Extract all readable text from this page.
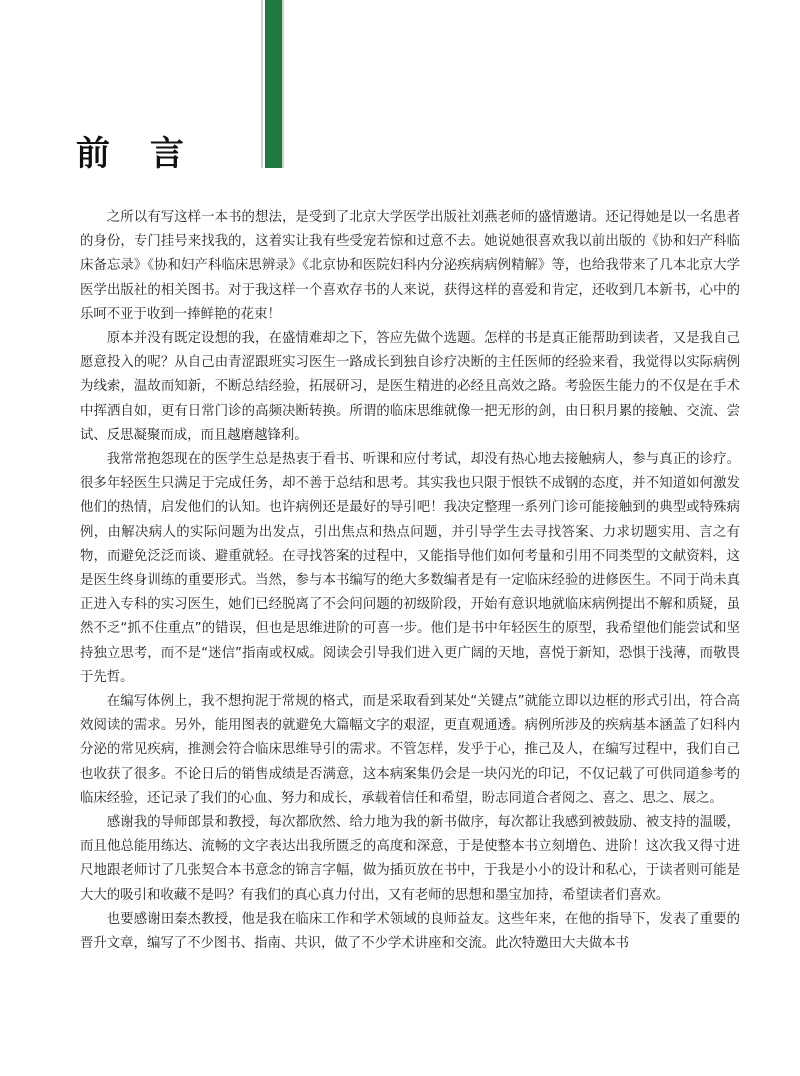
前 言

之所以有写这样一本书的想法，是受到了北京大学医学出版社刘燕老师的盛情邀请。还记得她是以一名患者的身份，专门挂号来找我的，这着实让我有些受宠若惊和过意不去。她说她很喜欢我以前出版的《协和妇产科临床备忘录》《协和妇产科临床思辨录》《北京协和医院妇科内分泌疾病病例精解》等，也给我带来了几本北京大学医学出版社的相关图书。对于我这样一个喜欢存书的人来说，获得这样的喜爱和肯定，还收到几本新书，心中的乐呵不亚于收到一捧鲜艳的花束！

原本并没有既定设想的我，在盛情难却之下，答应先做个选题。怎样的书是真正能帮助到读者，又是我自己愿意投入的呢？从自己由青涩跟班实习医生一路成长到独自诊疗决断的主任医师的经验来看，我觉得以实际病例为线索，温故而知新，不断总结经验，拓展研习，是医生精进的必经且高效之路。考验医生能力的不仅是在手术中挥洒自如，更有日常门诊的高频决断转换。所谓的临床思维就像一把无形的剑，由日积月累的接触、交流、尝试、反思凝聚而成，而且越磨越锋利。

我常常抱怨现在的医学生总是热衷于看书、听课和应付考试，却没有热心地去接触病人，参与真正的诊疗。很多年轻医生只满足于完成任务，却不善于总结和思考。其实我也只限于恨铁不成钢的态度，并不知道如何激发他们的热情，启发他们的认知。也许病例还是最好的导引吧！我决定整理一系列门诊可能接触到的典型或特殊病例，由解决病人的实际问题为出发点，引出焦点和热点问题，并引导学生去寻找答案、力求切题实用、言之有物，而避免泛泛而谈、避重就轻。在寻找答案的过程中，又能指导他们如何考量和引用不同类型的文献资料，这是医生终身训练的重要形式。当然，参与本书编写的绝大多数编者是有一定临床经验的进修医生。不同于尚未真正进入专科的实习医生，她们已经脱离了不会问问题的初级阶段，开始有意识地就临床病例提出不解和质疑，虽然不乏“抓不住重点”的错误，但也是思维进阶的可喜一步。他们是书中年轻医生的原型，我希望他们能尝试和坚持独立思考，而不是“迷信”指南或权威。阅读会引导我们进入更广阔的天地，喜悦于新知，恐惧于浅薄，而敬畏于先哲。

在编写体例上，我不想拘泥于常规的格式，而是采取看到某处“关键点”就能立即以边框的形式引出，符合高效阅读的需求。另外，能用图表的就避免大篇幅文字的艰涩，更直观通透。病例所涉及的疾病基本涵盖了妇科内分泌的常见疾病，推测会符合临床思维导引的需求。不管怎样，发乎于心，推己及人，在编写过程中，我们自己也收获了很多。不论日后的销售成绩是否满意，这本病案集仍会是一块闪光的印记，不仅记载了可供同道参考的临床经验，还记录了我们的心血、努力和成长，承载着信任和希望，盼志同道合者阅之、喜之、思之、展之。

感谢我的导师郎景和教授，每次都欣然、给力地为我的新书做序，每次都让我感到被鼓励、被支持的温暖，而且他总能用练达、流畅的文字表达出我所匮乏的高度和深意，于是使整本书立刻增色、进阶！这次我又得寸进尺地跟老师讨了几张契合本书意念的锦言字幅，做为插页放在书中，于我是小小的设计和私心，于读者则可能是大大的吸引和收藏不是吗？有我们的真心真力付出，又有老师的思想和墨宝加持，希望读者们喜欢。

也要感谢田秦杰教授，他是我在临床工作和学术领域的良师益友。这些年来，在他的指导下，发表了重要的晋升文章，编写了不少图书、指南、共识，做了不少学术讲座和交流。此次特邀田大夫做本书
